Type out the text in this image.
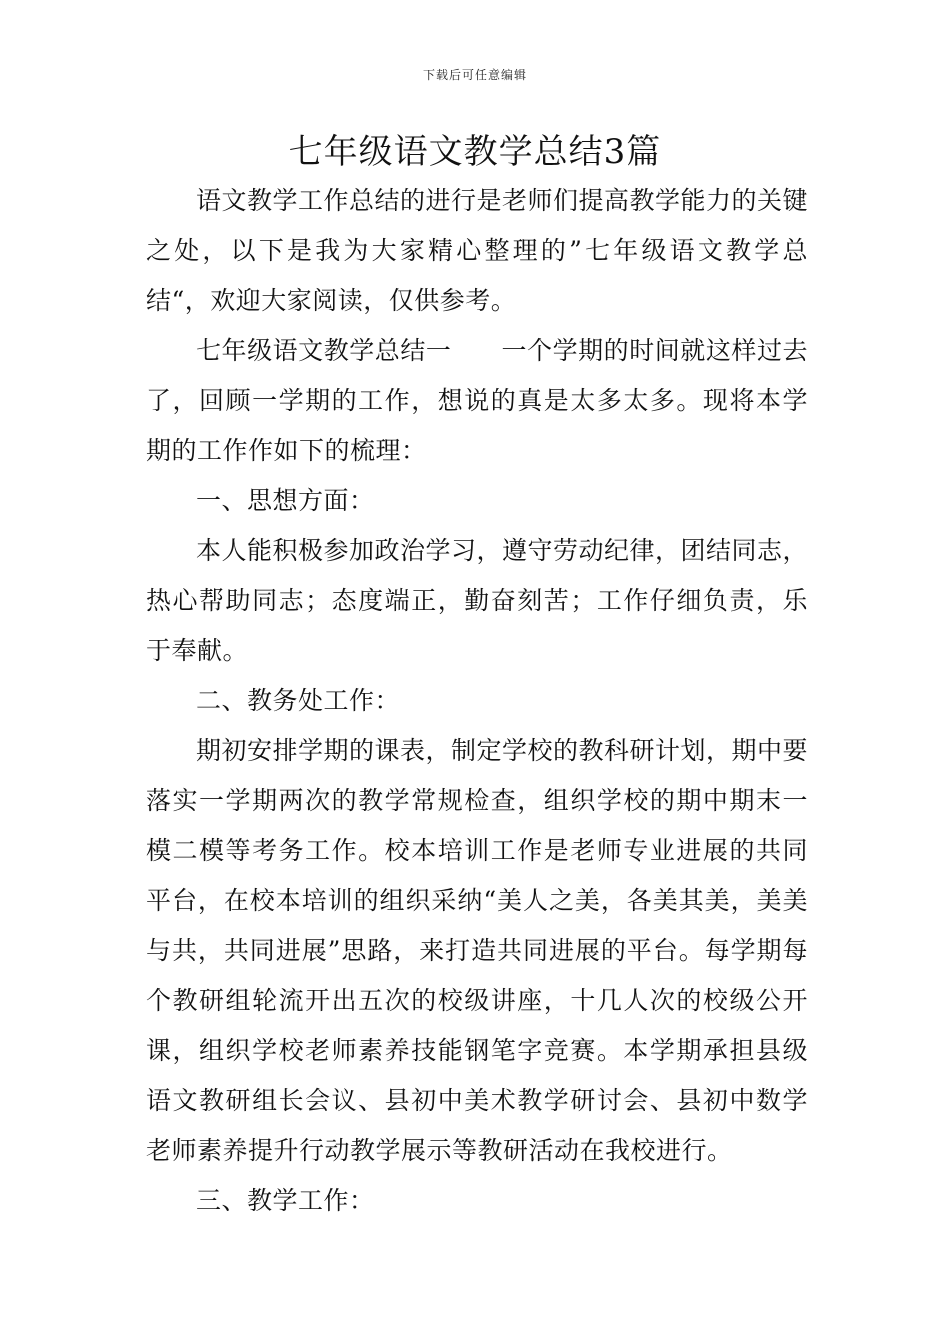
下载后可任意编辑
七年级语文教学总结3篇

语文教学工作总结的进行是老师们提高教学能力的关键之处，以下是我为大家精心整理的”七年级语文教学总结“，欢迎大家阅读，仅供参考。

七年级语文教学总结一 一个学期的时间就这样过去了，回顾一学期的工作，想说的真是太多太多。现将本学期的工作作如下的梳理：

一、思想方面：

本人能积极参加政治学习，遵守劳动纪律，团结同志，热心帮助同志；态度端正，勤奋刻苦；工作仔细负责，乐于奉献。

二、教务处工作：

期初安排学期的课表，制定学校的教科研计划，期中要落实一学期两次的教学常规检查，组织学校的期中期末一模二模等考务工作。校本培训工作是老师专业进展的共同平台，在校本培训的组织采纳“美人之美，各美其美，美美与共，共同进展”思路，来打造共同进展的平台。每学期每个教研组轮流开出五次的校级讲座，十几人次的校级公开课，组织学校老师素养技能钢笔字竞赛。本学期承担县级语文教研组长会议、县初中美术教学研讨会、县初中数学老师素养提升行动教学展示等教研活动在我校进行。

三、教学工作：
